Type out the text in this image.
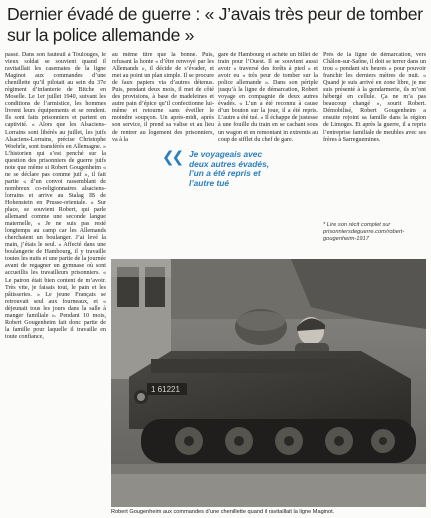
Dernier évadé de guerre : « J’avais très peur de tomber sur la police allemande »

passé. Dans son fauteuil à Toulouges, le vieux soldat se souvient quand il ravitaillait les casemates de la ligne Maginot aux commandes d’une chenillette qu’il pilotait au sein du 37e régiment d’infanterie de Bitche en Moselle. Le 1er juillet 1940, suivant les conditions de l’armistice, les hommes livrent leurs équipements et se rendent. Ils sont faits prisonniers et partent en captivité. « Alors que les Alsaciens-Lorrains sont libérés au juillet, les juifs Alsaciens-Lorrains, précise Christophe Woehrle, sont transférés en Allemagne. » L’historien qui s’est penché sur la question des prisonniers de guerre juifs note que même si Robert Gougenheim « ne se déclare pas comme juif », il fait partie « d’un convoi rassemblant de nombreux co-religionnaires alsaciens-lorrains et arrive au Stalag IB de Hohenstein en Prusse-orientale. » Sur place, se souvient Robert, qui parle allemand comme une seconde langue maternelle, « Je ne suis pas resté longtemps au camp car les Allemands cherchaient un boulanger. J’ai levé la main, j’étais le seul. » Affecté dans une boulangerie de Hambourg, il y travaille toutes les nuits et une partie de la journée avant de regagner un gymnase où sont accueillis les travailleurs prisonniers. « Le patron était bien content de m’avoir. Très vite, je faisais tout, le pain et les pâtisseries. » Le jeune Français se retrouvait seul aux fourneaux, et « déjeunait tous les jours dans la salle à manger familiale ». Pendant 10 mois, Robert Gougenheim fait donc partie de la famille pour laquelle il travaille en toute confiance,

au même titre que la bonne. Puis, refusant la honte « d’être renvoyé par les Allemands », il décide de s’évader, et met au point un plan simple. Il se procure de faux papiers via d’autres détenus. Puis, pendant deux mois, il met de côté des provisions, à base de madeleines et autre pain d’épice qu’il confectionne lui-même et retourne sans éveiller le moindre soupçon. Un après-midi, après son service, il prend sa valise et au lieu de rentrer au logement des prisonniers, va à la

gare de Hambourg et achète un billet de train pour l’Ouest. Il se souvient aussi avoir « traversé des forêts à pied » et avoir eu « très peur de tomber sur la police allemande ». Dans son périple jusqu’à la ligne de démarcation, Robert voyage en compagnie de deux autres évadés. « L’un a été reconnu à cause d’un bouton sur la joue, il a été repris. L’autre a été tué. » Il échappe de justesse à une fouille du train en se cachant sous un wagon et en remontant in extremis au coup de sifflet du chef de gare.

Près de la ligne de démarcation, vers Châlon-sur-Saône, il doit se terrer dans un trou « pendant six heures » pour pouvoir franchir les derniers mètres de nuit. « Quand je suis arrivé en zone libre, je me suis présenté à la gendarmerie, ils m’ont hébergé en cellule. Ça ne m’a pas beaucoup changé », sourit Robert. Démobilisé, Robert Gougenheim a ensuite rejoint sa famille dans la région de Limoges. Et après la guerre, il a repris l’entreprise familiale de meubles avec ses frères à Sarreguemines.

❮❮ Je voyageais avec deux autres évadés, l’un a été repris et l’autre tué
* Lire son récit complet sur prisonniersdeguerre.com/robert-gougenheim-1917
1 61221
Robert Gougenheim aux commandes d’une chenillette quand il ravitaillait la ligne Maginot.
DR
